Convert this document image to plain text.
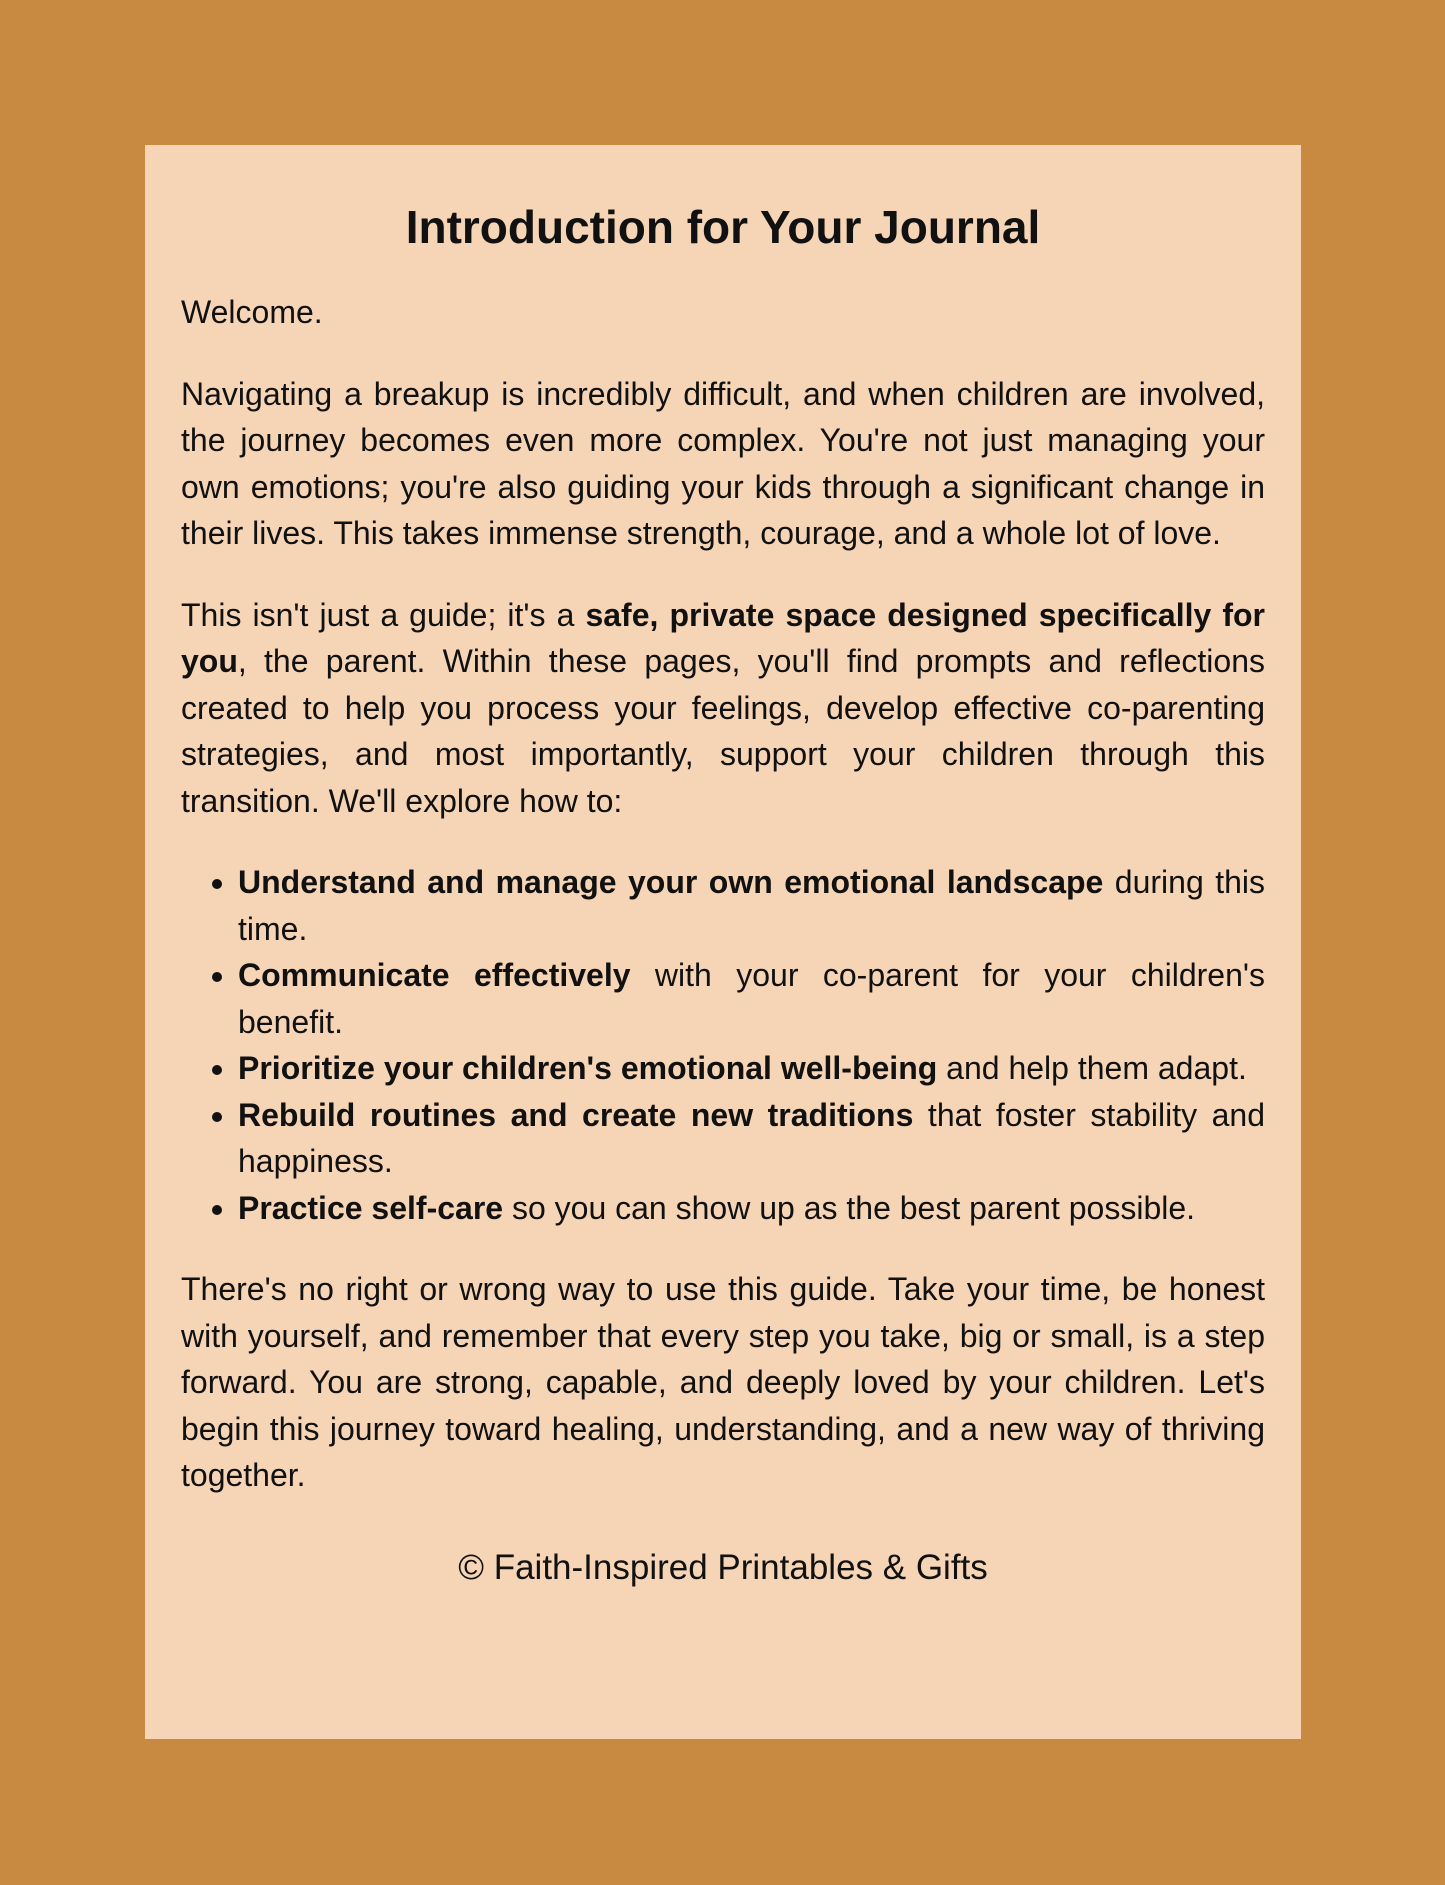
Introduction for Your Journal

Welcome.

Navigating a breakup is incredibly difficult, and when children are involved, the journey becomes even more complex. You're not just managing your own emotions; you're also guiding your kids through a significant change in their lives. This takes immense strength, courage, and a whole lot of love.

This isn't just a guide; it's a safe, private space designed specifically for you, the parent. Within these pages, you'll find prompts and reflections created to help you process your feelings, develop effective co-parenting strategies, and most importantly, support your children through this transition. We'll explore how to:

• Understand and manage your own emotional landscape during this time.
• Communicate effectively with your co-parent for your children's benefit.
• Prioritize your children's emotional well-being and help them adapt.
• Rebuild routines and create new traditions that foster stability and happiness.
• Practice self-care so you can show up as the best parent possible.

There's no right or wrong way to use this guide. Take your time, be honest with yourself, and remember that every step you take, big or small, is a step forward. You are strong, capable, and deeply loved by your children. Let's begin this journey toward healing, understanding, and a new way of thriving together.

© Faith-Inspired Printables & Gifts
